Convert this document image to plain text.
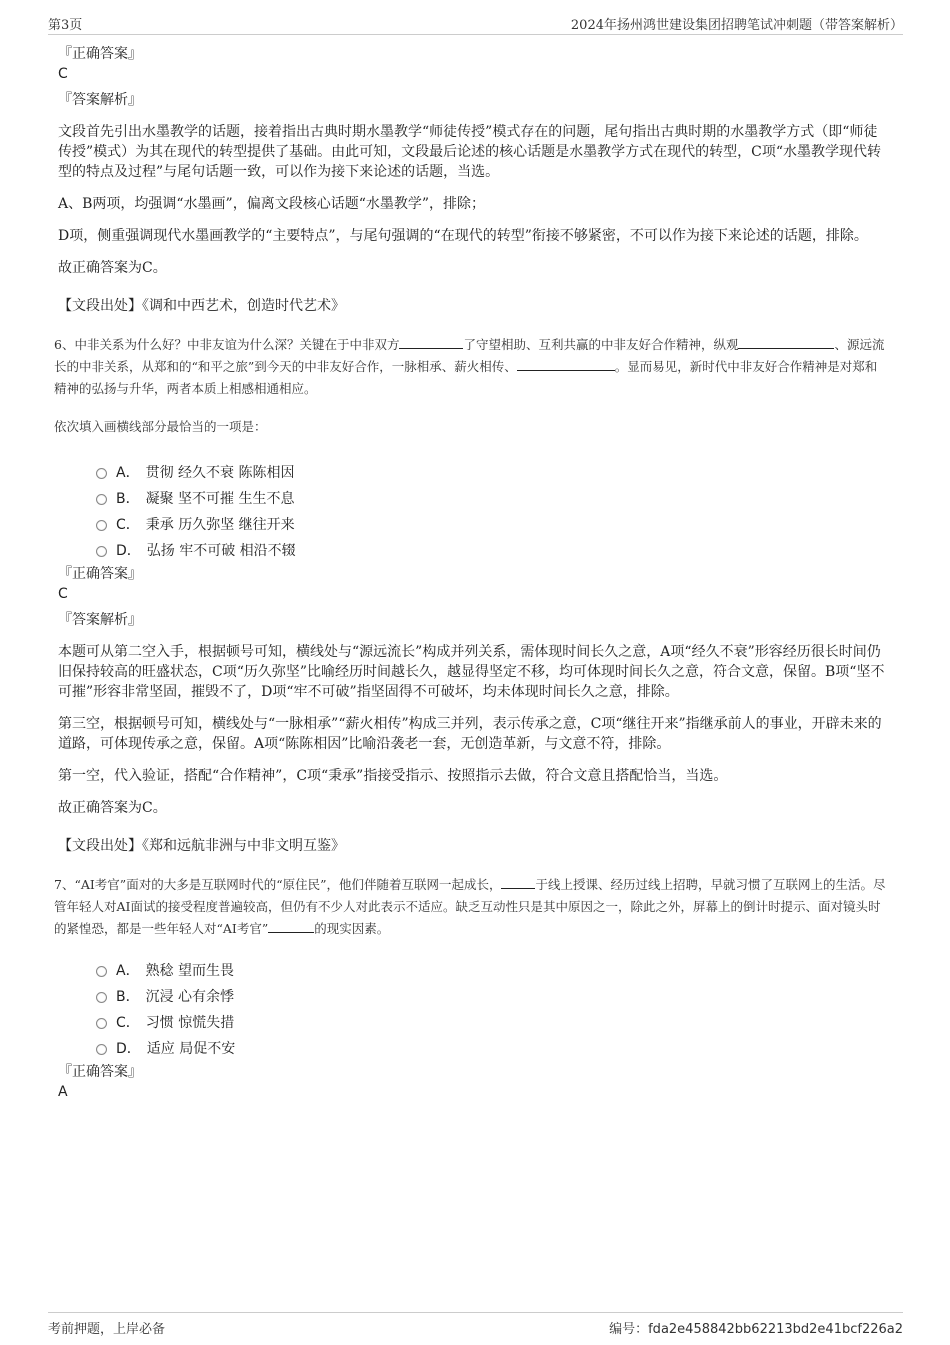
第3页	2024年扬州鸿世建设集团招聘笔试冲刺题（带答案解析）
『正确答案』
C
『答案解析』
文段首先引出水墨教学的话题，接着指出古典时期水墨教学“师徒传授”模式存在的问题，尾句指出古典时期的水墨教学方式（即“师徒传授”模式）为其在现代的转型提供了基础。由此可知，文段最后论述的核心话题是水墨教学方式在现代的转型，C项“水墨教学现代转型的特点及过程”与尾句话题一致，可以作为接下来论述的话题，当选。
A、B两项，均强调“水墨画”，偏离文段核心话题“水墨教学”，排除；
D项，侧重强调现代水墨画教学的“主要特点”，与尾句强调的“在现代的转型”衔接不够紧密，不可以作为接下来论述的话题，排除。
故正确答案为C。
【文段出处】《调和中西艺术，创造时代艺术》
6、中非关系为什么好？中非友谊为什么深？关键在于中非双方	了守望相助、互利共赢的中非友好合作精神，纵观	、源远流长的中非关系，从郑和的“和平之旅”到今天的中非友好合作，一脉相承、薪火相传、	。显而易见，新时代中非友好合作精神是对郑和精神的弘扬与升华，两者本质上相感相通相应。
依次填入画横线部分最恰当的一项是：
A． 贯彻 经久不衰 陈陈相因
B． 凝聚 坚不可摧 生生不息
C． 秉承 历久弥坚 继往开来
D． 弘扬 牢不可破 相沿不辍
『正确答案』
C
『答案解析』
本题可从第二空入手，根据顿号可知，横线处与“源远流长”构成并列关系，需体现时间长久之意，A项“经久不衰”形容经历很长时间仍旧保持较高的旺盛状态，C项“历久弥坚”比喻经历时间越长久，越显得坚定不移，均可体现时间长久之意，符合文意，保留。B项“坚不可摧”形容非常坚固，摧毁不了，D项“牢不可破”指坚固得不可破坏，均未体现时间长久之意，排除。
第三空，根据顿号可知，横线处与“一脉相承”“薪火相传”构成三并列，表示传承之意，C项“继往开来”指继承前人的事业，开辟未来的道路，可体现传承之意，保留。A项“陈陈相因”比喻沿袭老一套，无创造革新，与文意不符，排除。
第一空，代入验证，搭配“合作精神”，C项“秉承”指接受指示、按照指示去做，符合文意且搭配恰当，当选。
故正确答案为C。
【文段出处】《郑和远航非洲与中非文明互鉴》
7、“AI考官”面对的大多是互联网时代的“原住民”，他们伴随着互联网一起成长，	于线上授课、经历过线上招聘，早就习惯了互联网上的生活。尽管年轻人对AI面试的接受程度普遍较高，但仍有不少人对此表示不适应。缺乏互动性只是其中原因之一，除此之外，屏幕上的倒计时提示、面对镜头时的紧惶恐，都是一些年轻人对“AI考官”	的现实因素。
A． 熟稔 望而生畏
B． 沉浸 心有余悸
C． 习惯 惊慌失措
D． 适应 局促不安
『正确答案』
A
考前押题，上岸必备	编号：fda2e458842bb62213bd2e41bcf226a2
